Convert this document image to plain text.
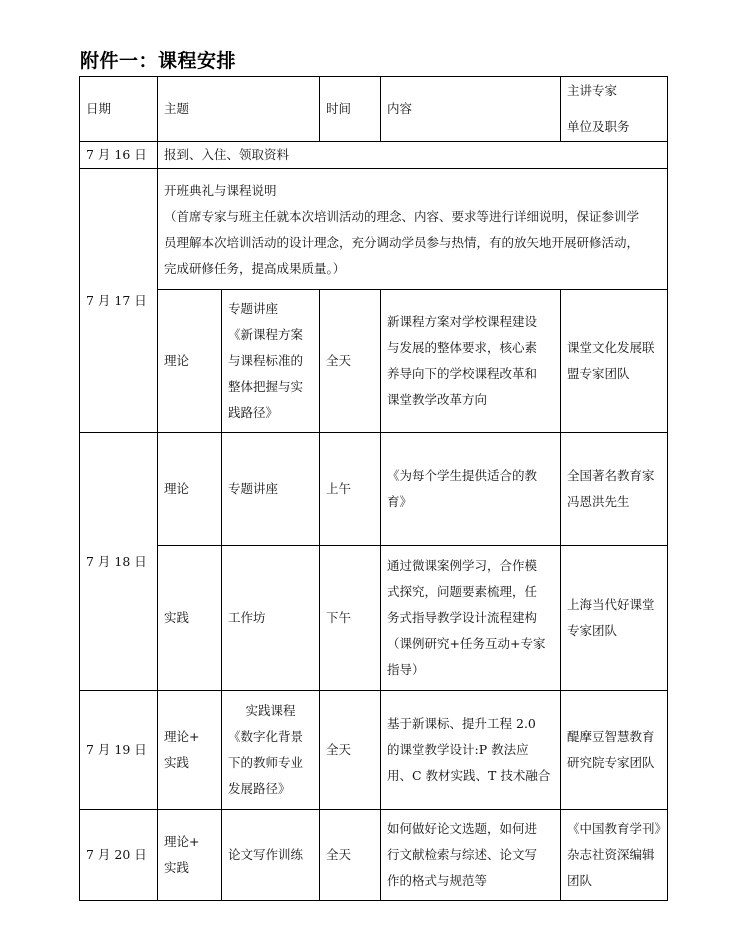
附件一：课程安排
日期	主题		时间	内容	主讲专家
单位及职务

7 月 16 日	报到、入住、领取资料				
7 月 17 日	开班典礼与课程说明
（首席专家与班主任就本次培训活动的理念、内容、要求等进行详细说明，保证参训学
员理解本次培训活动的设计理念，充分调动学员参与热情，有的放矢地开展研修活动，
完成研修任务，提高成果质量。）				

	理论	专题讲座
《新课程方案
与课程标准的
整体把握与实
践路径》	全天	新课程方案对学校课程建设
与发展的整体要求，核心素
养导向下的学校课程改革和
课堂教学改革方向	课堂文化发展联
盟专家团队

7 月 18 日	理论	专题讲座	上午	《为每个学生提供适合的教
育》	全国著名教育家
冯恩洪先生

	实践	工作坊	下午	通过微课案例学习，合作模
式探究，问题要素梳理，任
务式指导教学设计流程建构
（课例研究+任务互动+专家
指导）	上海当代好课堂
专家团队

7 月 19 日	理论+
实践	实践课程
《数字化背景
下的教师专业
发展路径》	全天	基于新课标、提升工程 2.0
的课堂教学设计:P 教法应
用、C 教材实践、T 技术融合	醍摩豆智慧教育
研究院专家团队

7 月 20 日	理论+
实践	论文写作训练	全天	如何做好论文选题，如何进
行文献检索与综述、论文写
作的格式与规范等	《中国教育学刊》
杂志社资深编辑
团队
